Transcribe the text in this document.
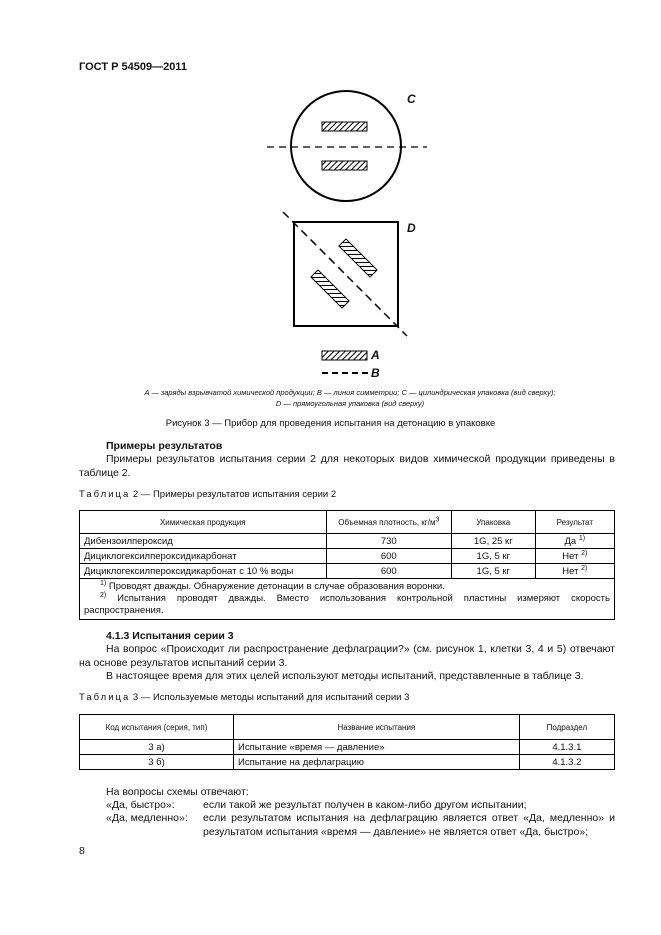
ГОСТ Р 54509—2011
C
D
A
B
A — заряды взрывчатой химической продукции; B — линия симметрии; C — цилиндрическая упаковка (вид сверху);
D — прямоугольная упаковка (вид сверху)
Рисунок 3 — Прибор для проведения испытания на детонацию в упаковке
Примеры результатов
Примеры результатов испытания серии 2 для некоторых видов химической продукции приведены в таблице 2.
Таблица 2 — Примеры результатов испытания серии 2
Химическая продукция	Объемная плотность, $кг/м^3$	Упаковка	Результат
Дибензоилпероксид	730	1G, 25 кг	Да $^{1)}$
Дициклогексилпероксидикарбонат	600	1G, 5 кг	Нет $^{2)}$
Дициклогексилпероксидикарбонат с 10 % воды	600	1G, 5 кг	Нет $^{2)}$

$^{1)}$ Проводят дважды. Обнаружение детонации в случае образования воронки.
$^{2)}$ Испытания проводят дважды. Вместо использования контрольной пластины измеряют скорость распространения.			
4.1.3 Испытания серии 3
На вопрос «Происходит ли распространение дефлаграции?» (см. рисунок 1, клетки 3, 4 и 5) отвечают на основе результатов испытаний серии 3.
В настоящее время для этих целей используют методы испытаний, представленные в таблице 3.
Таблица 3 — Используемые методы испытаний для испытаний серии 3
Код испытания (серия, тип)	Название испытания	Подраздел
3 а)	Испытание «время — давление»	4.1.3.1
3 б)	Испытание на дефлаграцию	4.1.3.2
На вопросы схемы отвечают:
«Да, быстро»:	если такой же результат получен в каком-либо другом испытании;
«Да, медленно»: если результатом испытания на дефлаграцию является ответ «Да, медленно» и результатом испытания «время — давление» не является ответ «Да, быстро»;
8
